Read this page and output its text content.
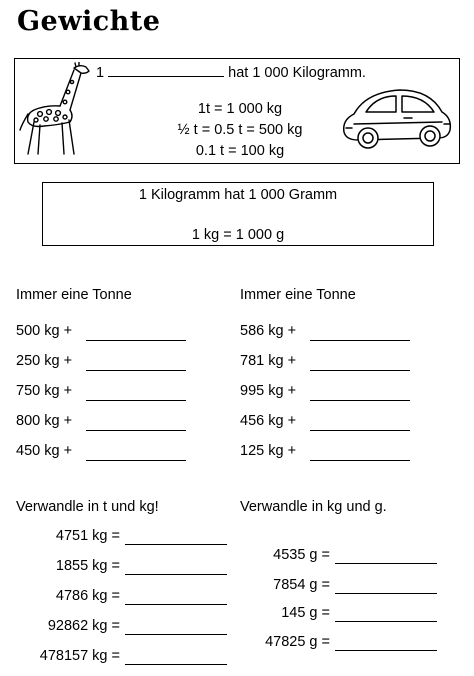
Gewichte
1	hat 1 000 Kilogramm.
1t = 1 000 kg
½ t = 0.5 t = 500 kg
0.1 t = 100 kg
1 Kilogramm hat 1 000 Gramm
1 kg = 1 000 g
Immer eine Tonne
500 kg +
250 kg +
750 kg +
800 kg +
450 kg +
Immer eine Tonne
586 kg +
781 kg +
995 kg +
456 kg +
125 kg +
Verwandle in t und kg!
4751 kg =
1855 kg =
4786 kg =
92862 kg =
478157 kg =
Verwandle in kg und g.
4535 g =
7854 g =
145 g =
47825 g =
